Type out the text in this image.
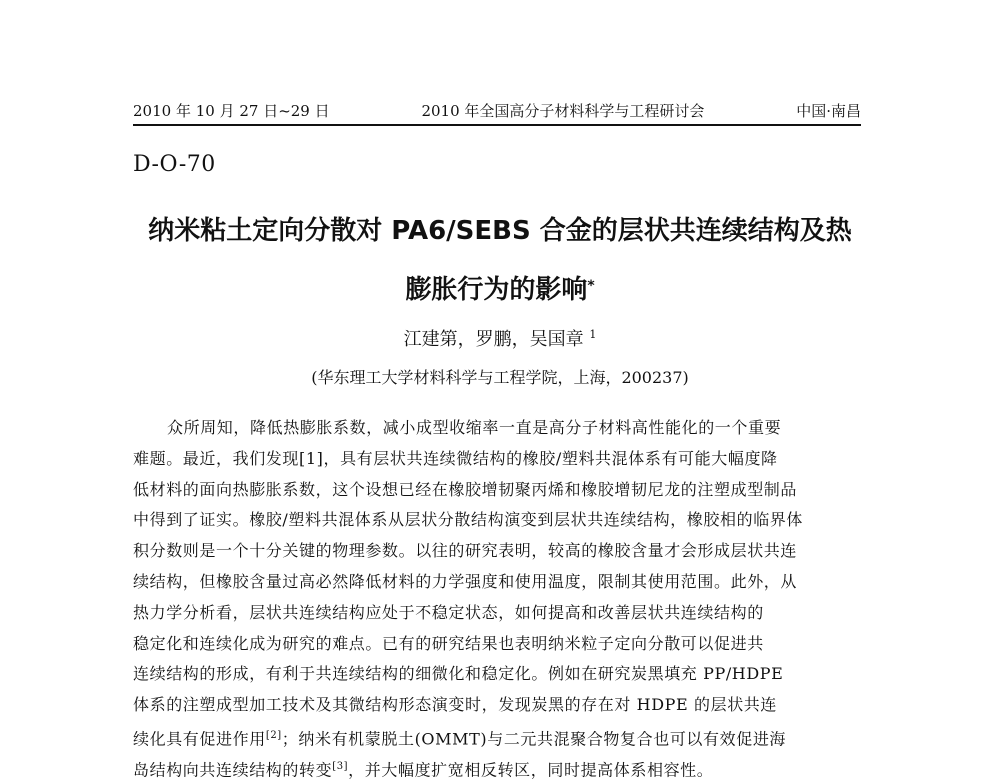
2010 年 10 月 27 日~29 日	2010 年全国高分子材料科学与工程研讨会	中国·南昌
D-O-70
纳米粘土定向分散对 PA6/SEBS 合金的层状共连续结构及热
膨胀行为的影响*
江建第，罗鹏，吴国章 $^1$
(华东理工大学材料科学与工程学院，上海，200237)
众所周知，降低热膨胀系数，减小成型收缩率一直是高分子材料高性能化的一个重要
难题。最近，我们发现[1]，具有层状共连续微结构的橡胶/塑料共混体系有可能大幅度降
低材料的面向热膨胀系数，这个设想已经在橡胶增韧聚丙烯和橡胶增韧尼龙的注塑成型制品
中得到了证实。橡胶/塑料共混体系从层状分散结构演变到层状共连续结构，橡胶相的临界体
积分数则是一个十分关键的物理参数。以往的研究表明，较高的橡胶含量才会形成层状共连
续结构，但橡胶含量过高必然降低材料的力学强度和使用温度，限制其使用范围。此外，从
热力学分析看，层状共连续结构应处于不稳定状态，如何提高和改善层状共连续结构的
稳定化和连续化成为研究的难点。已有的研究结果也表明纳米粒子定向分散可以促进共
连续结构的形成，有利于共连续结构的细微化和稳定化。例如在研究炭黑填充 PP/HDPE
体系的注塑成型加工技术及其微结构形态演变时，发现炭黑的存在对 HDPE 的层状共连
续化具有促进作用[2]；纳米有机蒙脱土(OMMT)与二元共混聚合物复合也可以有效促进海
岛结构向共连续结构的转变[3]，并大幅度扩宽相反转区，同时提高体系相容性。
